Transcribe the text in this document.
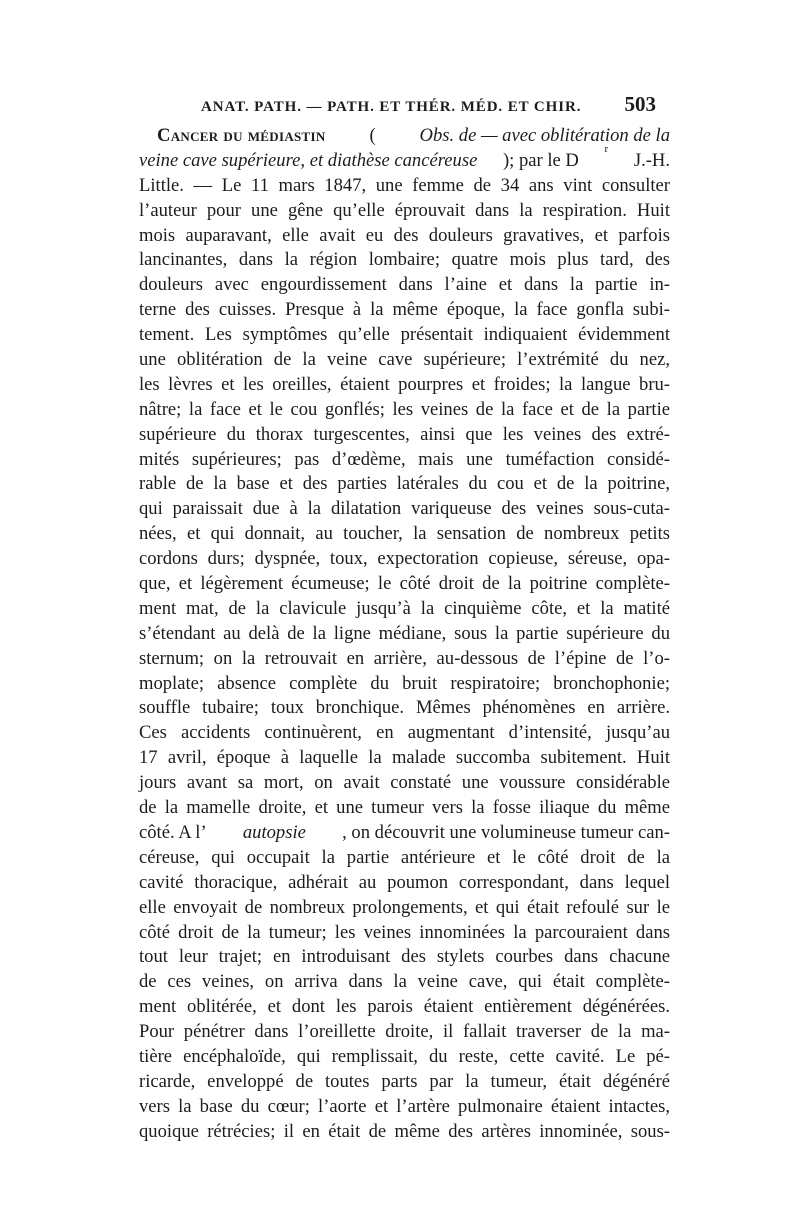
ANAT. PATH. — PATH. ET THÉR. MÉD. ET CHIR. 503
Cancer du médiastin ( Obs. de — avec oblitération de la
veine cave supérieure, et diathèse cancéreuse ); par le D
r
J.-H.
Little. — Le 11 mars 1847, une femme de 34 ans vint consulter
l’auteur pour une gêne qu’elle éprouvait dans la respiration. Huit
mois auparavant, elle avait eu des douleurs gravatives, et parfois
lancinantes, dans la région lombaire; quatre mois plus tard, des
douleurs avec engourdissement dans l’aine et dans la partie in-
terne des cuisses. Presque à la même époque, la face gonfla subi-
tement. Les symptômes qu’elle présentait indiquaient évidemment
une oblitération de la veine cave supérieure; l’extrémité du nez,
les lèvres et les oreilles, étaient pourpres et froides; la langue bru-
nâtre; la face et le cou gonflés; les veines de la face et de la partie
supérieure du thorax turgescentes, ainsi que les veines des extré-
mités supérieures; pas d’œdème, mais une tuméfaction considé-
rable de la base et des parties latérales du cou et de la poitrine,
qui paraissait due à la dilatation variqueuse des veines sous-cuta-
nées, et qui donnait, au toucher, la sensation de nombreux petits
cordons durs; dyspnée, toux, expectoration copieuse, séreuse, opa-
que, et légèrement écumeuse; le côté droit de la poitrine complète-
ment mat, de la clavicule jusqu’à la cinquième côte, et la matité
s’étendant au delà de la ligne médiane, sous la partie supérieure du
sternum; on la retrouvait en arrière, au-dessous de l’épine de l’o-
moplate; absence complète du bruit respiratoire; bronchophonie;
souffle tubaire; toux bronchique. Mêmes phénomènes en arrière.
Ces accidents continuèrent, en augmentant d’intensité, jusqu’au
17 avril, époque à laquelle la malade succomba subitement. Huit
jours avant sa mort, on avait constaté une voussure considérable
de la mamelle droite, et une tumeur vers la fosse iliaque du même
côté. A l’ autopsie , on découvrit une volumineuse tumeur can-
céreuse, qui occupait la partie antérieure et le côté droit de la
cavité thoracique, adhérait au poumon correspondant, dans lequel
elle envoyait de nombreux prolongements, et qui était refoulé sur le
côté droit de la tumeur; les veines innominées la parcouraient dans
tout leur trajet; en introduisant des stylets courbes dans chacune
de ces veines, on arriva dans la veine cave, qui était complète-
ment oblitérée, et dont les parois étaient entièrement dégénérées.
Pour pénétrer dans l’oreillette droite, il fallait traverser de la ma-
tière encéphaloïde, qui remplissait, du reste, cette cavité. Le pé-
ricarde, enveloppé de toutes parts par la tumeur, était dégénéré
vers la base du cœur; l’aorte et l’artère pulmonaire étaient intactes,
quoique rétrécies; il en était de même des artères innominée, sous-
